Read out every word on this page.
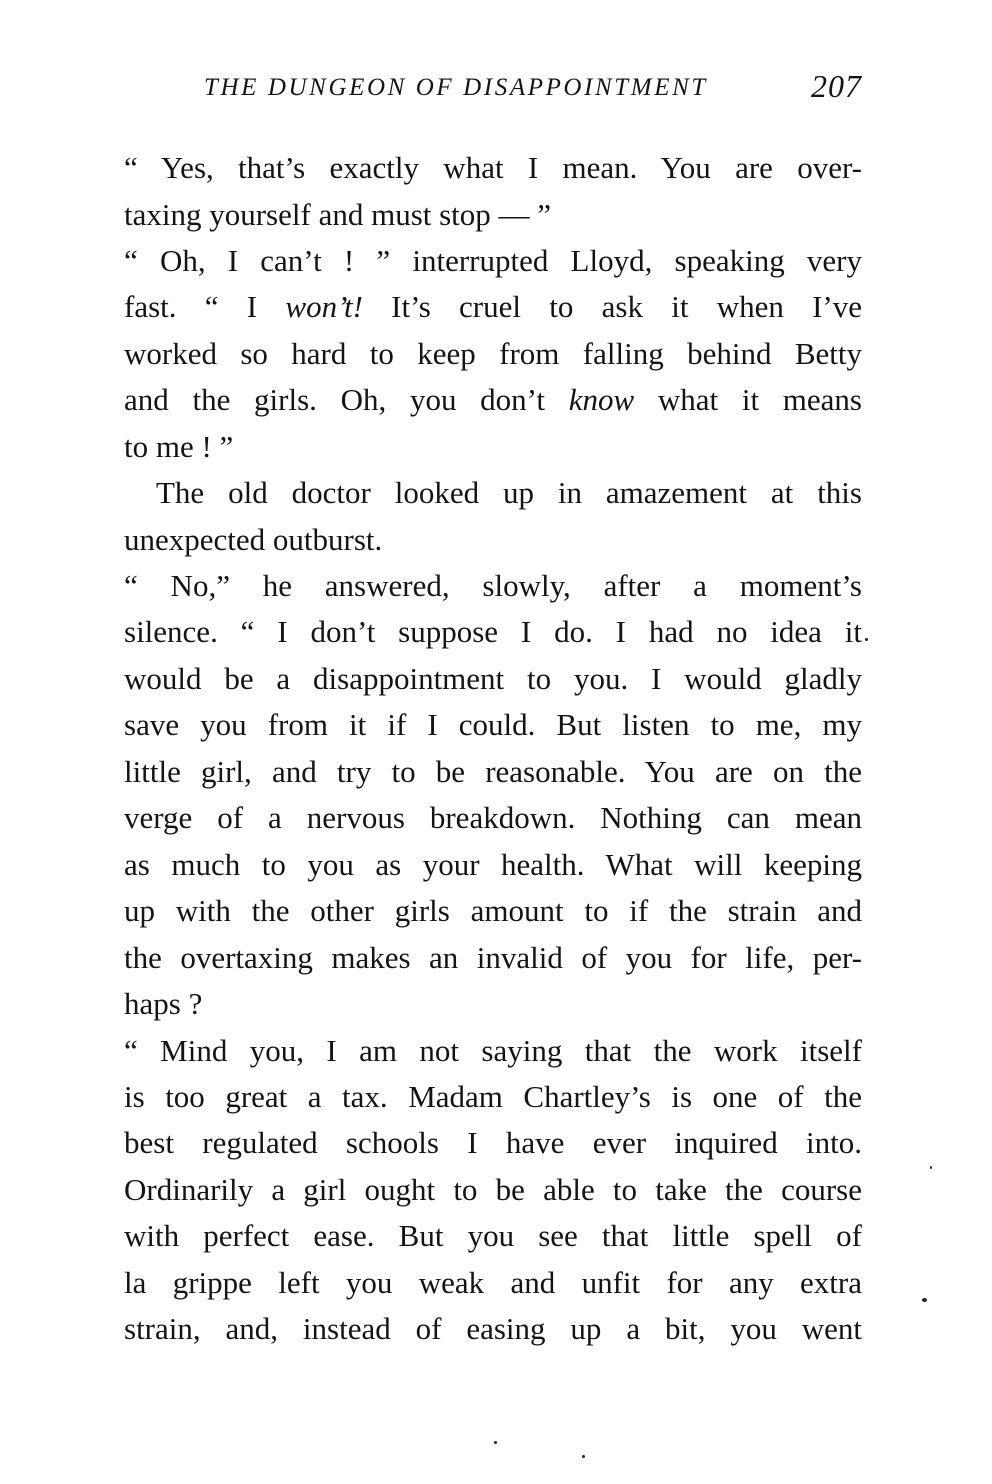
THE DUNGEON OF DISAPPOINTMENT	207
“ Yes, that’s exactly what I mean. You are over-
taxing yourself and must stop — ”
“ Oh, I can’t ! ” interrupted Lloyd, speaking very
fast. “ I won’t! It’s cruel to ask it when I’ve
worked so hard to keep from falling behind Betty
and the girls. Oh, you don’t know what it means
to me ! ”
The old doctor looked up in amazement at this
unexpected outburst.
“ No,” he answered, slowly, after a moment’s
silence. “ I don’t suppose I do. I had no idea it
would be a disappointment to you. I would gladly
save you from it if I could. But listen to me, my
little girl, and try to be reasonable. You are on the
verge of a nervous breakdown. Nothing can mean
as much to you as your health. What will keeping
up with the other girls amount to if the strain and
the overtaxing makes an invalid of you for life, per-
haps ?
“ Mind you, I am not saying that the work itself
is too great a tax. Madam Chartley’s is one of the
best regulated schools I have ever inquired into.
Ordinarily a girl ought to be able to take the course
with perfect ease. But you see that little spell of
la grippe left you weak and unfit for any extra
strain, and, instead of easing up a bit, you went
